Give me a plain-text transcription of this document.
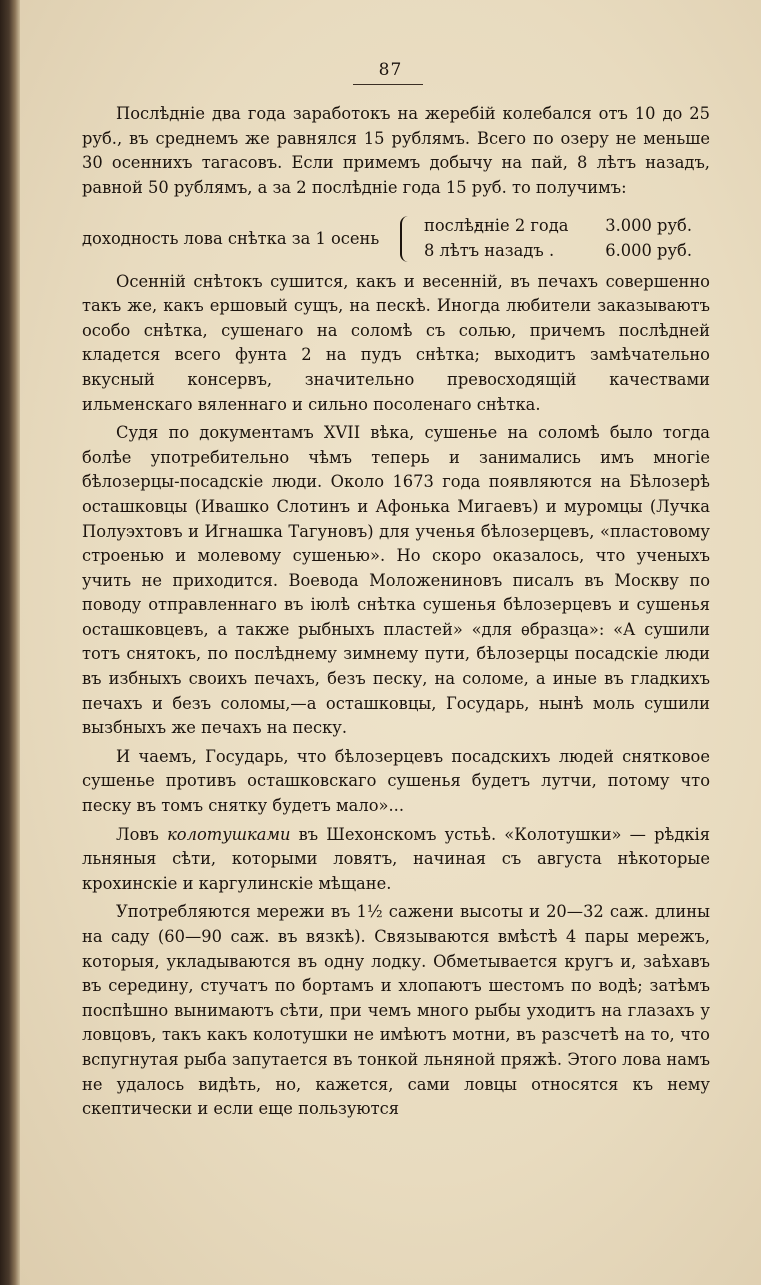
87

Послѣдніе два года заработокъ на жеребій колебался отъ 10 до 25 руб., въ среднемъ же равнялся 15 рублямъ. Всего по озеру не меньше 30 осеннихъ тагасовъ. Если примемъ добычу на пай, 8 лѣтъ назадъ, равной 50 рублямъ, а за 2 послѣдніе года 15 руб. то получимъ:

доходность лова снѣтка за 1 осень
послѣдніе 2 года 3.000 руб.
8 лѣтъ назадъ .	6.000 руб.

Осенній снѣтокъ сушится, какъ и весенній, въ печахъ совершенно такъ же, какъ ершовый сущъ, на пескѣ. Иногда любители заказываютъ особо снѣтка, сушенаго на соломѣ съ солью, причемъ послѣдней кладется всего фунта 2 на пудъ снѣтка; выходитъ замѣчательно вкусный консервъ, значительно превосходящій качествами ильменскаго вяленнаго и сильно посоленаго снѣтка.

Судя по документамъ XVII вѣка, сушенье на соломѣ было тогда болѣе употребительно чѣмъ теперь и занимались имъ многіе бѣлозерцы-посадскіе люди. Около 1673 года появляются на Бѣлозерѣ осташковцы (Ивашко Слотинъ и Афонька Мигаевъ) и муромцы (Лучка Полуэхтовъ и Игнашка Тагуновъ) для ученья бѣлозерцевъ, «пластовому строенью и молевому сушенью». Но скоро оказалось, что ученыхъ учить не приходится. Воевода Моложениновъ писалъ въ Москву по поводу отправленнаго въ іюлѣ снѣтка сушенья бѣлозерцевъ и сушенья осташковцевъ, а также рыбныхъ пластей» «для ѳбразца»: «А сушили тотъ снятокъ, по послѣднему зимнему пути, бѣлозерцы посадскіе люди въ избныхъ своихъ печахъ, безъ песку, на соломе, а иные въ гладкихъ печахъ и безъ соломы,—а осташковцы, Государь, нынѣ моль сушили вызбныхъ же печахъ на песку.

И чаемъ, Государь, что бѣлозерцевъ посадскихъ людей снятковое сушенье противъ осташковскаго сушенья будетъ лутчи, потому что песку въ томъ снятку будетъ мало»...

Ловъ колотушками въ Шехонскомъ устьѣ. «Колотушки» — рѣдкія льняныя сѣти, которыми ловятъ, начиная съ августа нѣкоторые крохинскіе и каргулинскіе мѣщане.

Употребляются мережи въ 1½ сажени высоты и 20—32 саж. длины на саду (60—90 саж. въ вязкѣ). Связываются вмѣстѣ 4 пары мережъ, которыя, укладываются въ одну лодку. Обметывается кругъ и, заѣхавъ въ середину, стучатъ по бортамъ и хлопаютъ шестомъ по водѣ; затѣмъ поспѣшно вынимаютъ сѣти, при чемъ много рыбы уходитъ на глазахъ у ловцовъ, такъ какъ колотушки не имѣютъ мотни, въ разсчетѣ на то, что вспугнутая рыба запутается въ тонкой льняной пряжѣ. Этого лова намъ не удалось видѣть, но, кажется, сами ловцы относятся къ нему скептически и если еще пользуются
